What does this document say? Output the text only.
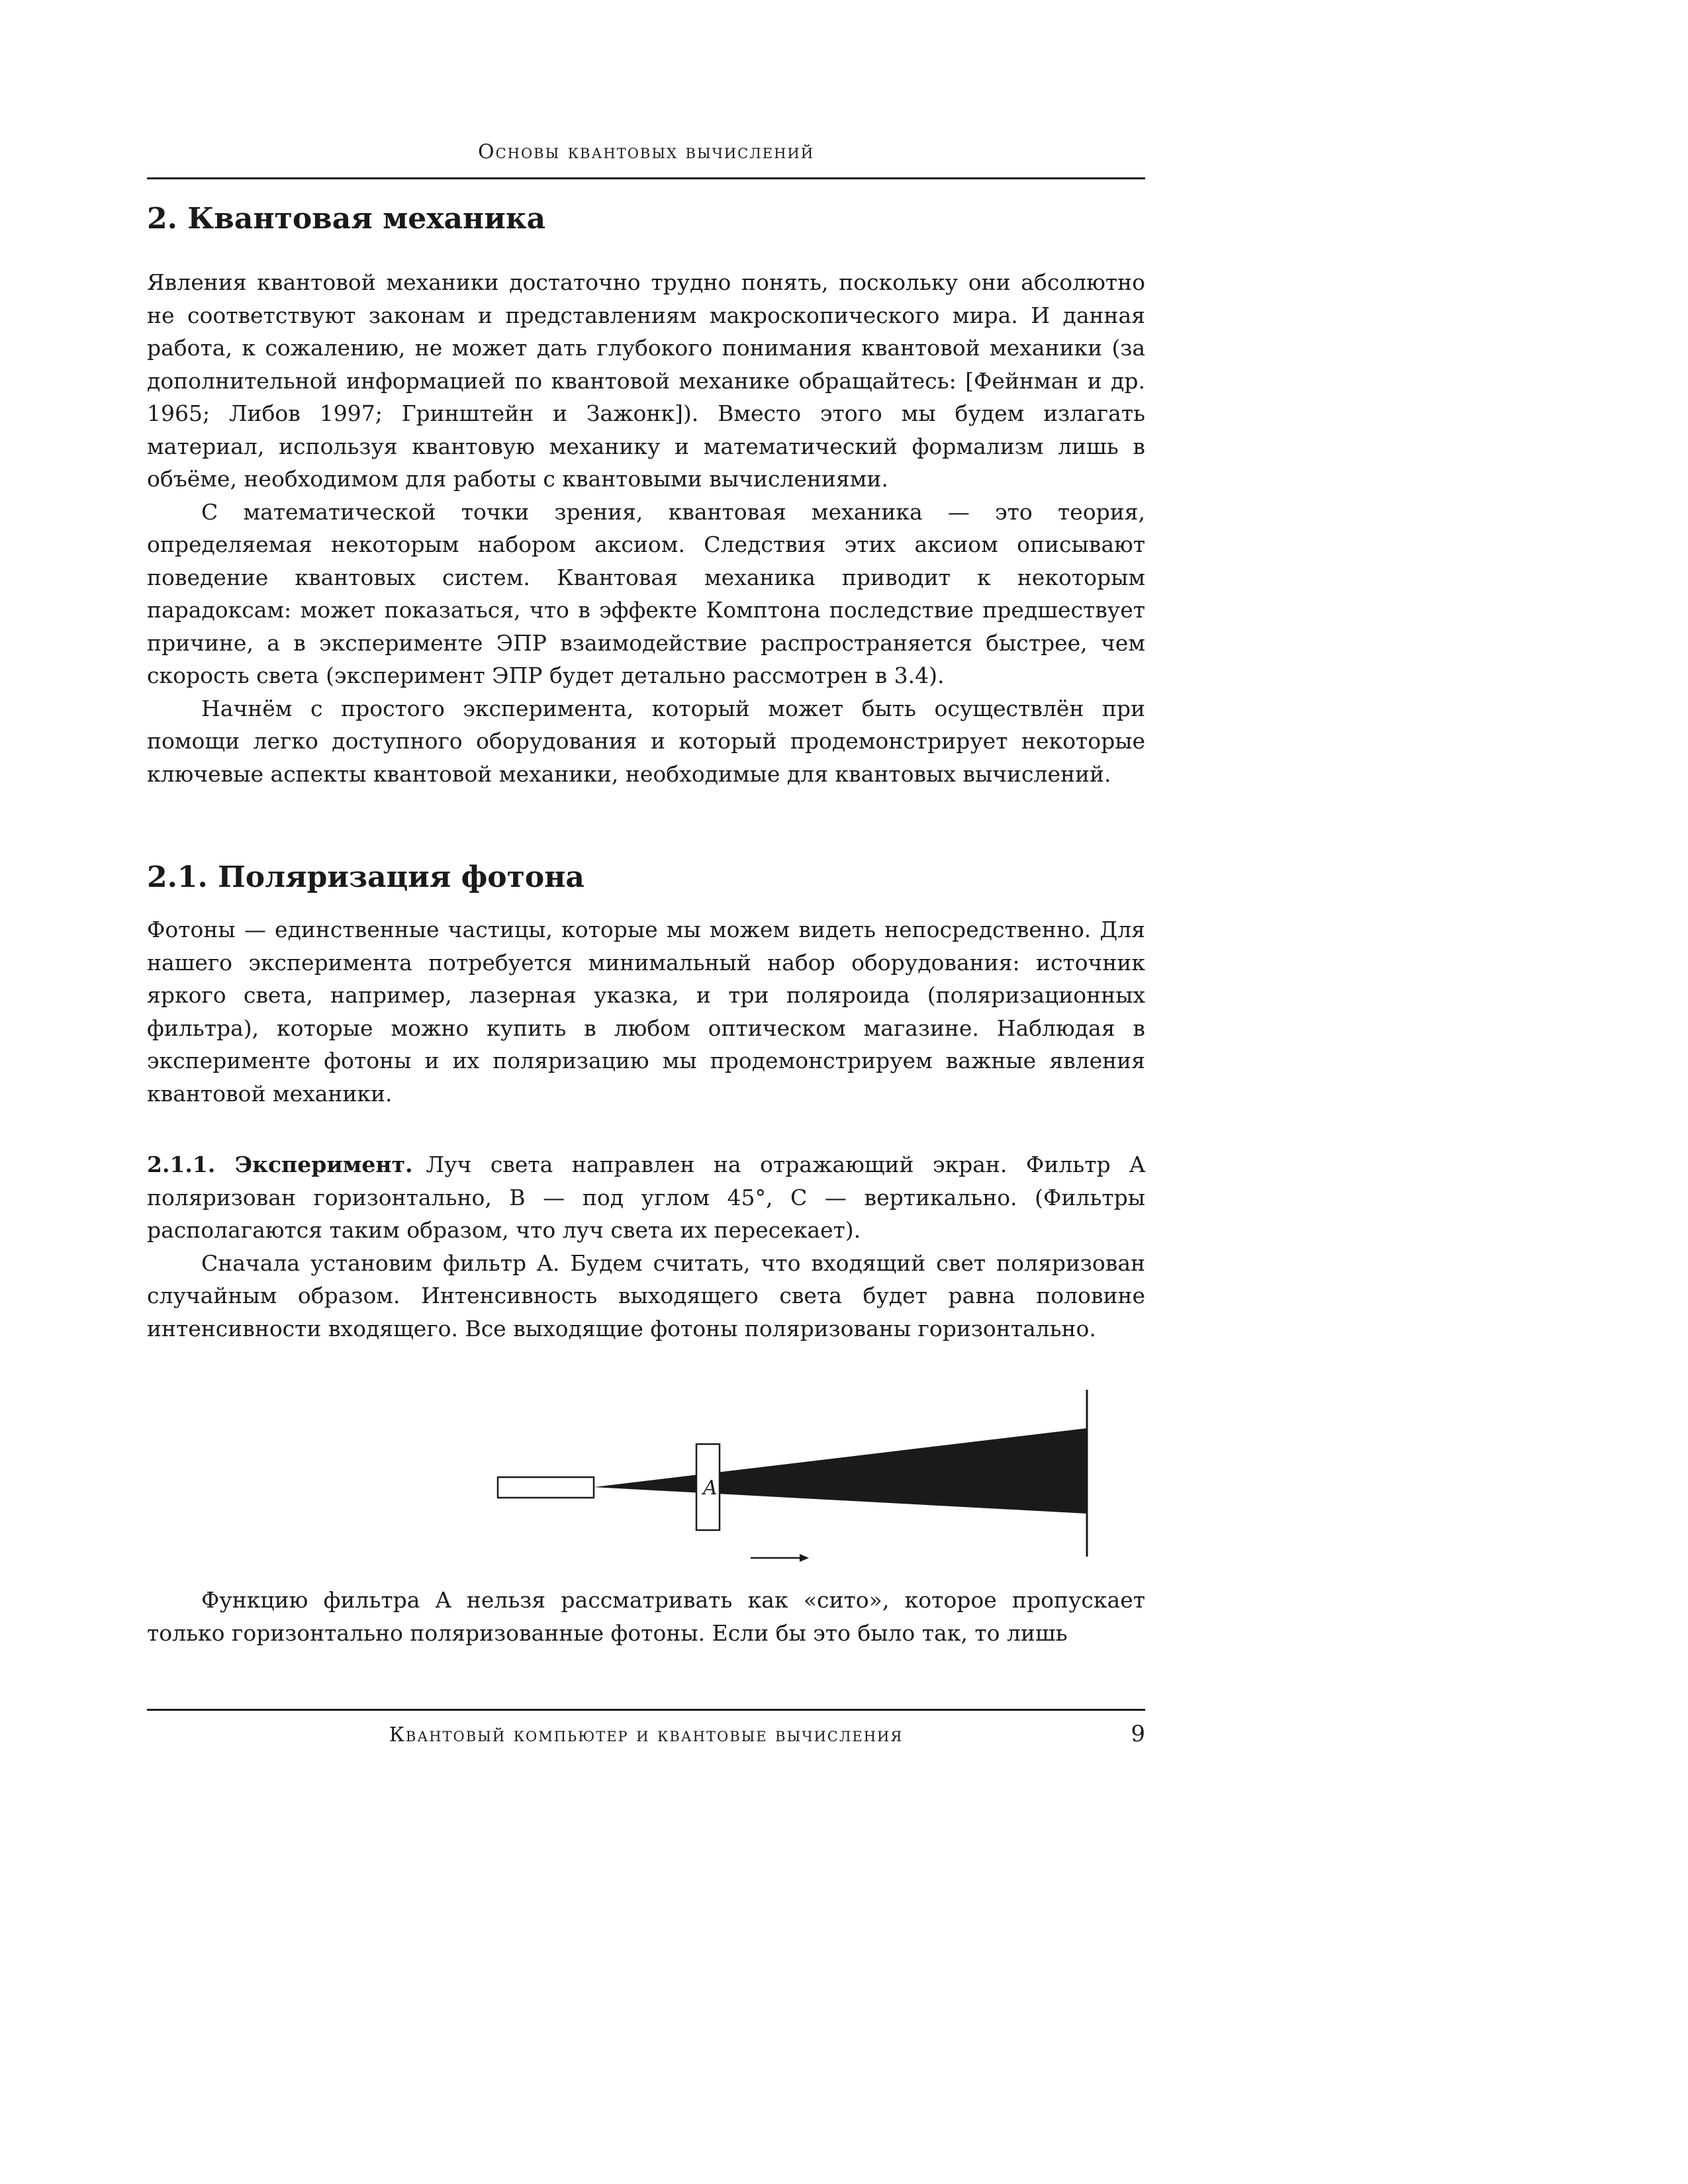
Основы квантовых вычислений
2. Квантовая механика

Явления квантовой механики достаточно трудно понять, поскольку они абсолютно не соответствуют законам и представлениям макроскопического мира. И данная работа, к сожалению, не может дать глубокого понимания квантовой механики (за дополнительной информацией по квантовой механике обращайтесь: [Фейнман и др. 1965; Либов 1997; Гринштейн и Зажонк]). Вместо этого мы будем излагать материал, используя квантовую механику и математический формализм лишь в объёме, необходимом для работы с квантовыми вычислениями.

С математической точки зрения, квантовая механика — это теория, определяемая некоторым набором аксиом. Следствия этих аксиом описывают поведение квантовых систем. Квантовая механика приводит к некоторым парадоксам: может показаться, что в эффекте Комптона последствие предшествует причине, а в эксперименте ЭПР взаимодействие распространяется быстрее, чем скорость света (эксперимент ЭПР будет детально рассмотрен в 3.4).

Начнём с простого эксперимента, который может быть осуществлён при помощи легко доступного оборудования и который продемонстрирует некоторые ключевые аспекты квантовой механики, необходимые для квантовых вычислений.

2.1. Поляризация фотона

Фотоны — единственные частицы, которые мы можем видеть непосредственно. Для нашего эксперимента потребуется минимальный набор оборудования: источник яркого света, например, лазерная указка, и три поляроида (поляризационных фильтра), которые можно купить в любом оптическом магазине. Наблюдая в эксперименте фотоны и их поляризацию мы продемонстрируем важные явления квантовой механики.

2.1.1. Эксперимент. Луч света направлен на отражающий экран. Фильтр A поляризован горизонтально, B — под углом 45°, C — вертикально. (Фильтры располагаются таким образом, что луч света их пересекает).

Сначала установим фильтр A. Будем считать, что входящий свет поляризован случайным образом. Интенсивность выходящего света будет равна половине интенсивности входящего. Все выходящие фотоны поляризованы горизонтально.

A

Функцию фильтра A нельзя рассматривать как «сито», которое пропускает только горизонтально поляризованные фотоны. Если бы это было так, то лишь

Квантовый компьютер и квантовые вычисления	9
